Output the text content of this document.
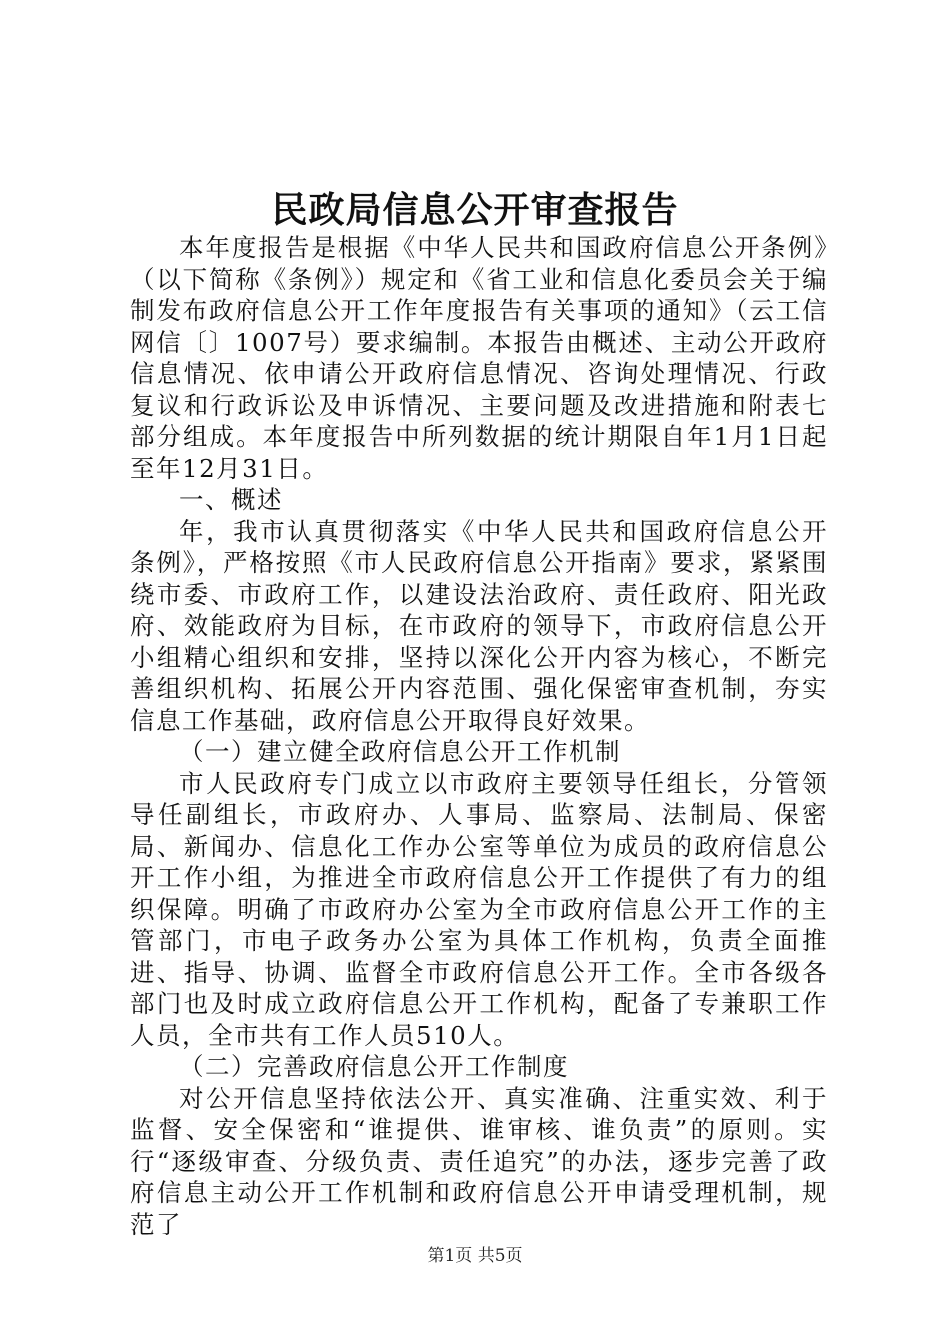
民政局信息公开审查报告

本年度报告是根据《中华人民共和国政府信息公开条例》（以下简称《条例》）规定和《省工业和信息化委员会关于编制发布政府信息公开工作年度报告有关事项的通知》（云工信网信〔〕1007号）要求编制。本报告由概述、主动公开政府信息情况、依申请公开政府信息情况、咨询处理情况、行政复议和行政诉讼及申诉情况、主要问题及改进措施和附表七部分组成。本年度报告中所列数据的统计期限自年1月1日起至年12月31日。

一、概述

年，我市认真贯彻落实《中华人民共和国政府信息公开条例》，严格按照《市人民政府信息公开指南》要求，紧紧围绕市委、市政府工作，以建设法治政府、责任政府、阳光政府、效能政府为目标，在市政府的领导下，市政府信息公开小组精心组织和安排，坚持以深化公开内容为核心，不断完善组织机构、拓展公开内容范围、强化保密审查机制，夯实信息工作基础，政府信息公开取得良好效果。

（一）建立健全政府信息公开工作机制

市人民政府专门成立以市政府主要领导任组长，分管领导任副组长，市政府办、人事局、监察局、法制局、保密局、新闻办、信息化工作办公室等单位为成员的政府信息公开工作小组，为推进全市政府信息公开工作提供了有力的组织保障。明确了市政府办公室为全市政府信息公开工作的主管部门，市电子政务办公室为具体工作机构，负责全面推进、指导、协调、监督全市政府信息公开工作。全市各级各部门也及时成立政府信息公开工作机构，配备了专兼职工作人员，全市共有工作人员510人。

（二）完善政府信息公开工作制度

对公开信息坚持依法公开、真实准确、注重实效、利于监督、安全保密和“谁提供、谁审核、谁负责”的原则。实行“逐级审查、分级负责、责任追究”的办法，逐步完善了政府信息主动公开工作机制和政府信息公开申请受理机制，规范了

第1页 共5页
